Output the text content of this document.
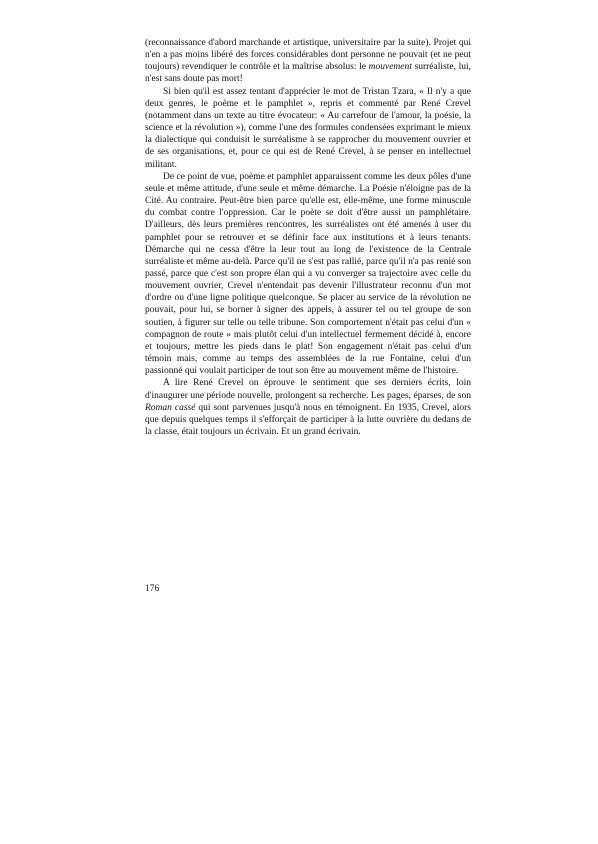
(reconnaissance d'abord marchande et artistique, universitaire par la suite). Projet qui n'en a pas moins libéré des forces considérables dont personne ne pouvait (et ne peut toujours) revendiquer le contrôle et la maîtrise absolus: le mouvement surréaliste, lui, n'est sans doute pas mort!

Si bien qu'il est assez tentant d'apprécier le mot de Tristan Tzara, « Il n'y a que deux genres, le poème et le pamphlet », repris et commenté par René Crevel (notamment dans un texte au titre évocateur: « Au carrefour de l'amour, la poésie, la science et la révolution »), comme l'une des formules condensées exprimant le mieux la dialectique qui conduisit le surréalisme à se rapprocher du mouvement ouvrier et de ses organisations, et, pour ce qui est de René Crevel, à se penser en intellectuel militant.

De ce point de vue, poème et pamphlet apparaissent comme les deux pôles d'une seule et même attitude, d'une seule et même démarche. La Poésie n'éloigne pas de la Cité. Au contraire. Peut-être bien parce qu'elle est, elle-même, une forme minuscule du combat contre l'oppression. Car le poète se doit d'être aussi un pamphlétaire. D'ailleurs, dès leurs premières rencontres, les surréalistes ont été amenés à user du pamphlet pour se retrouver et se définir face aux institutions et à leurs tenants. Démarche qui ne cessa d'être la leur tout au long de l'existence de la Centrale surréaliste et même au-delà. Parce qu'il ne s'est pas rallié, parce qu'il n'a pas renié son passé, parce que c'est son propre élan qui a vu converger sa trajectoire avec celle du mouvement ouvrier, Crevel n'entendait pas devenir l'illustrateur reconnu d'un mot d'ordre ou d'une ligne politique quelconque. Se placer au service de la révolution ne pouvait, pour lui, se borner à signer des appels, à assurer tel ou tel groupe de son soutien, à figurer sur telle ou telle tribune. Son comportement n'était pas celui d'un « compagnon de route » mais plutôt celui d'un intellectuel fermement décidé à, encore et toujours, mettre les pieds dans le plat! Son engagement n'était pas celui d'un témoin mais, comme au temps des assemblées de la rue Fontaine, celui d'un passionné qui voulait participer de tout son être au mouvement même de l'histoire.

A lire René Crevel on éprouve le sentiment que ses derniers écrits, loin d'inaugurer une période nouvelle, prolongent sa recherche. Les pages, éparses, de son Roman cassé qui sont parvenues jusqu'à nous en témoignent. En 1935, Crevel, alors que depuis quelques temps il s'efforçait de participer à la lutte ouvrière du dedans de la classe, était toujours un écrivain. Et un grand écrivain.

176
